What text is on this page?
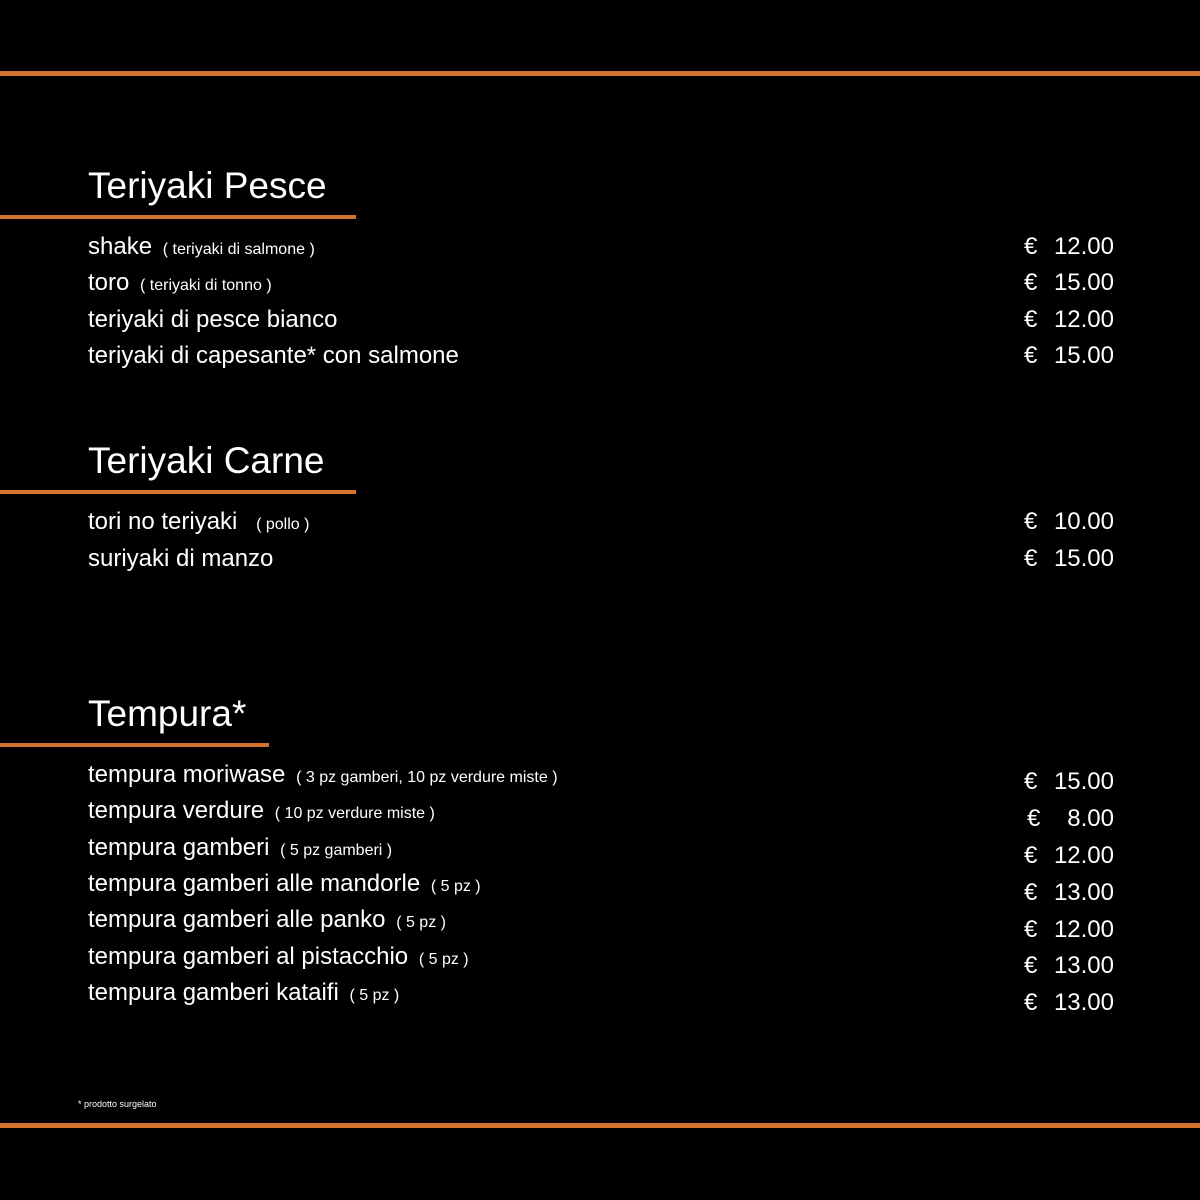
Teriyaki Pesce
shake ( teriyaki di salmone )	€ 12.00
toro ( teriyaki di tonno )	€ 15.00
teriyaki di pesce bianco	€ 12.00
teriyaki di capesante* con salmone	€ 15.00
Teriyaki Carne
tori no teriyaki ( pollo )	€ 10.00
suriyaki di manzo	€ 15.00
Tempura*
tempura moriwase ( 3 pz gamberi, 10 pz verdure miste )	€ 15.00
tempura verdure ( 10 pz verdure miste )	€ 8.00
tempura gamberi ( 5 pz gamberi )	€ 12.00
tempura gamberi alle mandorle ( 5 pz )	€ 13.00
tempura gamberi alle panko ( 5 pz )	€ 12.00
tempura gamberi al pistacchio ( 5 pz )	€ 13.00
tempura gamberi kataifi ( 5 pz )	€ 13.00
* prodotto surgelato
